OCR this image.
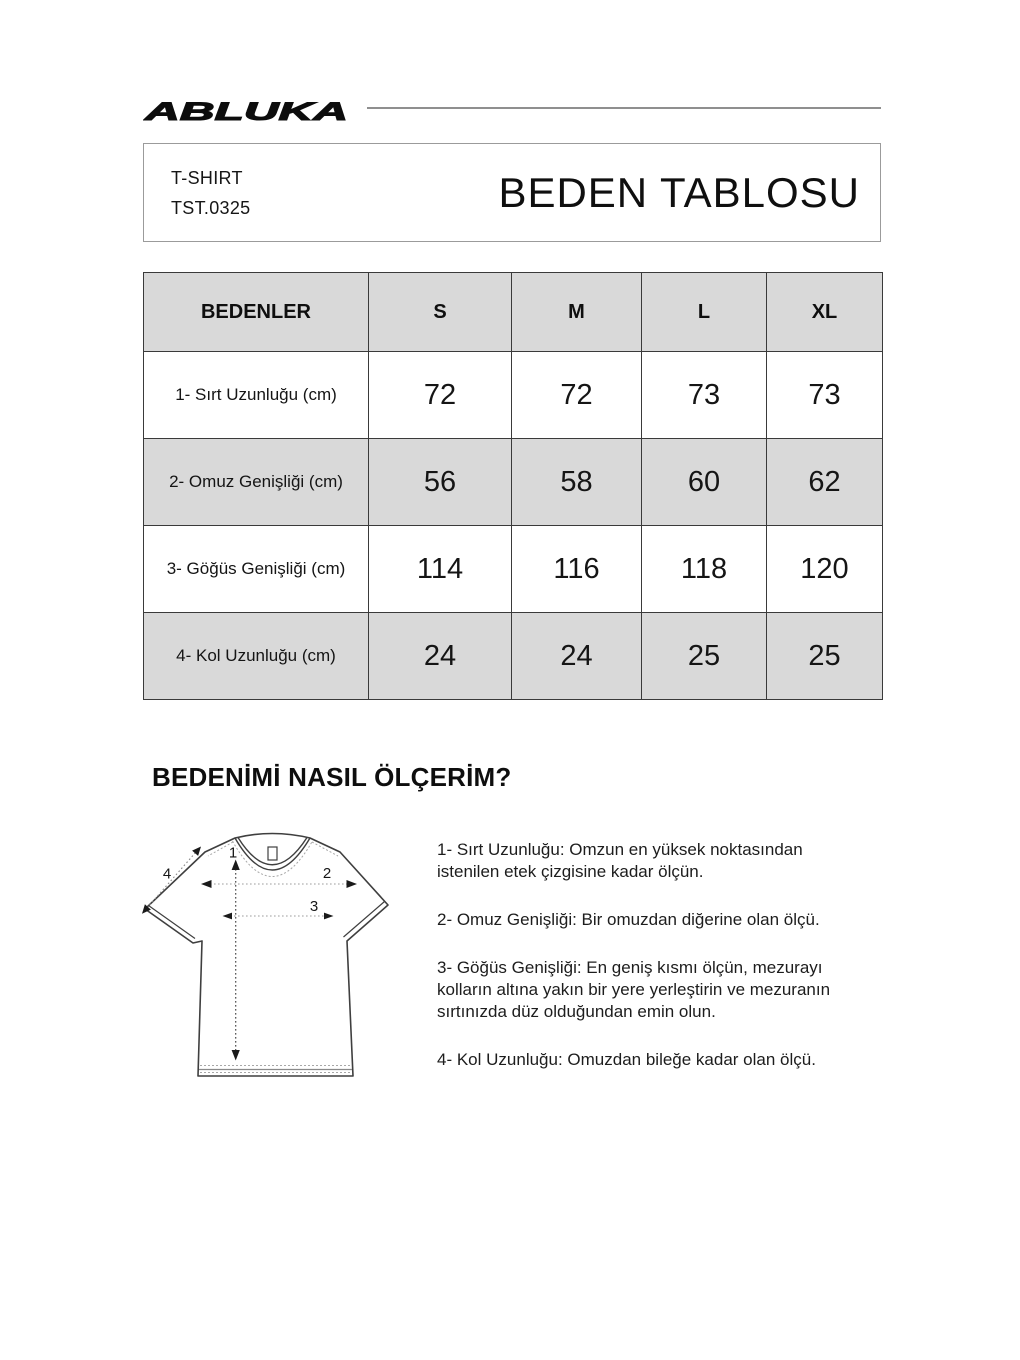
ABLUKA
T-SHIRT
TST.0325	BEDEN TABLOSU
BEDENLER	S	M	L	XL
1- Sırt Uzunluğu (cm)	72	72	73	73
2- Omuz Genişliği (cm)	56	58	60	62
3- Göğüs Genişliği (cm)	114	116	118	120
4- Kol Uzunluğu (cm)	24	24	25	25
BEDENİMİ NASIL ÖLÇERİM?
1
2
3
4
1- Sırt Uzunluğu: Omzun en yüksek noktasından
istenilen etek çizgisine kadar ölçün.
2- Omuz Genişliği: Bir omuzdan diğerine olan ölçü.
3- Göğüs Genişliği: En geniş kısmı ölçün, mezurayı
kolların altına yakın bir yere yerleştirin ve mezuranın
sırtınızda düz olduğundan emin olun.
4- Kol Uzunluğu: Omuzdan bileğe kadar olan ölçü.
